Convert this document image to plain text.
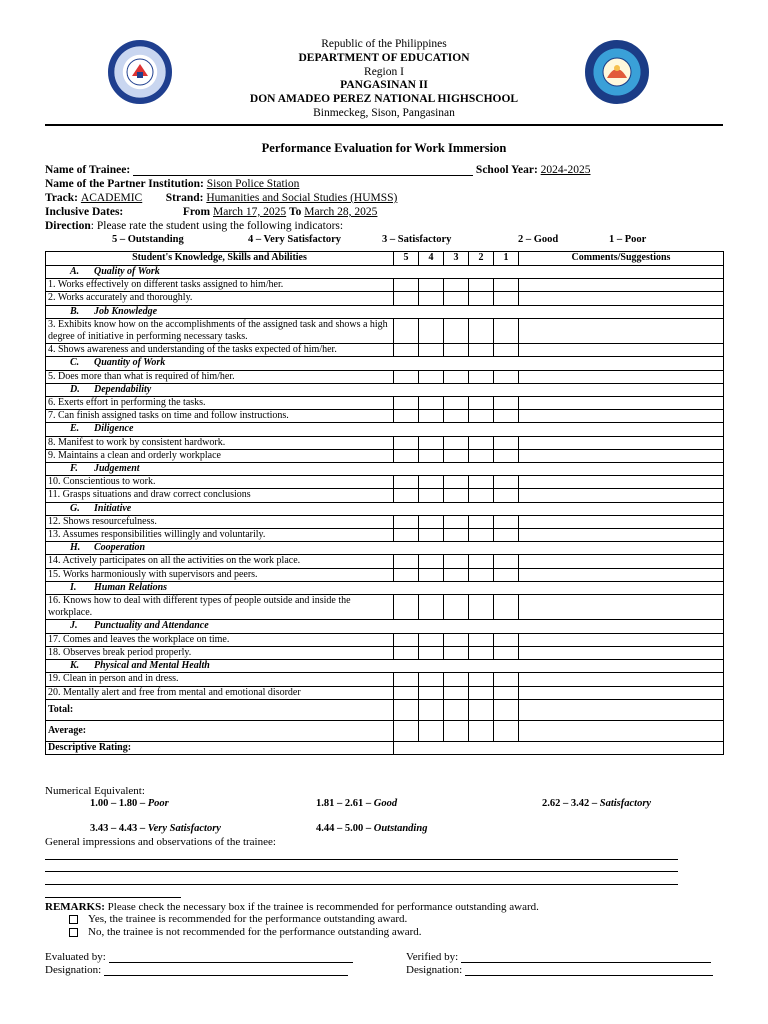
Republic of the Philippines
DEPARTMENT OF EDUCATION
Region I
PANGASINAN II
DON AMADEO PEREZ NATIONAL HIGHSCHOOL
Binmeckeg, Sison, Pangasinan
Performance Evaluation for Work Immersion
Name of Trainee:	School Year: 2024-2025
Name of the Partner Institution: Sison Police Station
Track: ACADEMIC Strand: Humanities and Social Studies (HUMSS)
Inclusive Dates:	From March 17, 2025 To March 28, 2025
Direction: Please rate the student using the following indicators:
5 – Outstanding	4 – Very Satisfactory	3 – Satisfactory	2 – Good	1 – Poor
Student's Knowledge, Skills and Abilities	5	4	3	2	1	Comments/Suggestions
A. Quality of Work						
1. Works effectively on different tasks assigned to him/her.						
2. Works accurately and thoroughly.						
B. Job Knowledge						
3. Exhibits know how on the accomplishments of the assigned task and shows a high degree of initiative in performing necessary tasks.						
4. Shows awareness and understanding of the tasks expected of him/her.						
C. Quantity of Work						
5. Does more than what is required of him/her.						
D. Dependability						
6. Exerts effort in performing the tasks.						
7. Can finish assigned tasks on time and follow instructions.						
E. Diligence						
8. Manifest to work by consistent hardwork.						
9. Maintains a clean and orderly workplace						
F. Judgement						
10. Conscientious to work.						
11. Grasps situations and draw correct conclusions						
G. Initiative						
12. Shows resourcefulness.						
13. Assumes responsibilities willingly and voluntarily.						
H. Cooperation						
14. Actively participates on all the activities on the work place.						
15. Works harmoniously with supervisors and peers.						
I. Human Relations						
16. Knows how to deal with different types of people outside and inside the workplace.						
J. Punctuality and Attendance						
17. Comes and leaves the workplace on time.						
18. Observes break period properly.						
K. Physical and Mental Health						
19. Clean in person and in dress.						
20. Mentally alert and free from mental and emotional disorder						
Total:						
Average:						
Descriptive Rating:						
Numerical Equivalent:
1.00 – 1.80 – Poor	1.81 – 2.61 – Good	2.62 – 3.42 – Satisfactory
3.43 – 4.43 – Very Satisfactory	4.44 – 5.00 – Outstanding
General impressions and observations of the trainee:
REMARKS: Please check the necessary box if the trainee is recommended for performance outstanding award.
Yes, the trainee is recommended for the performance outstanding award.
No, the trainee is not recommended for the performance outstanding award.
Evaluated by:
Designation:
Verified by:
Designation:
